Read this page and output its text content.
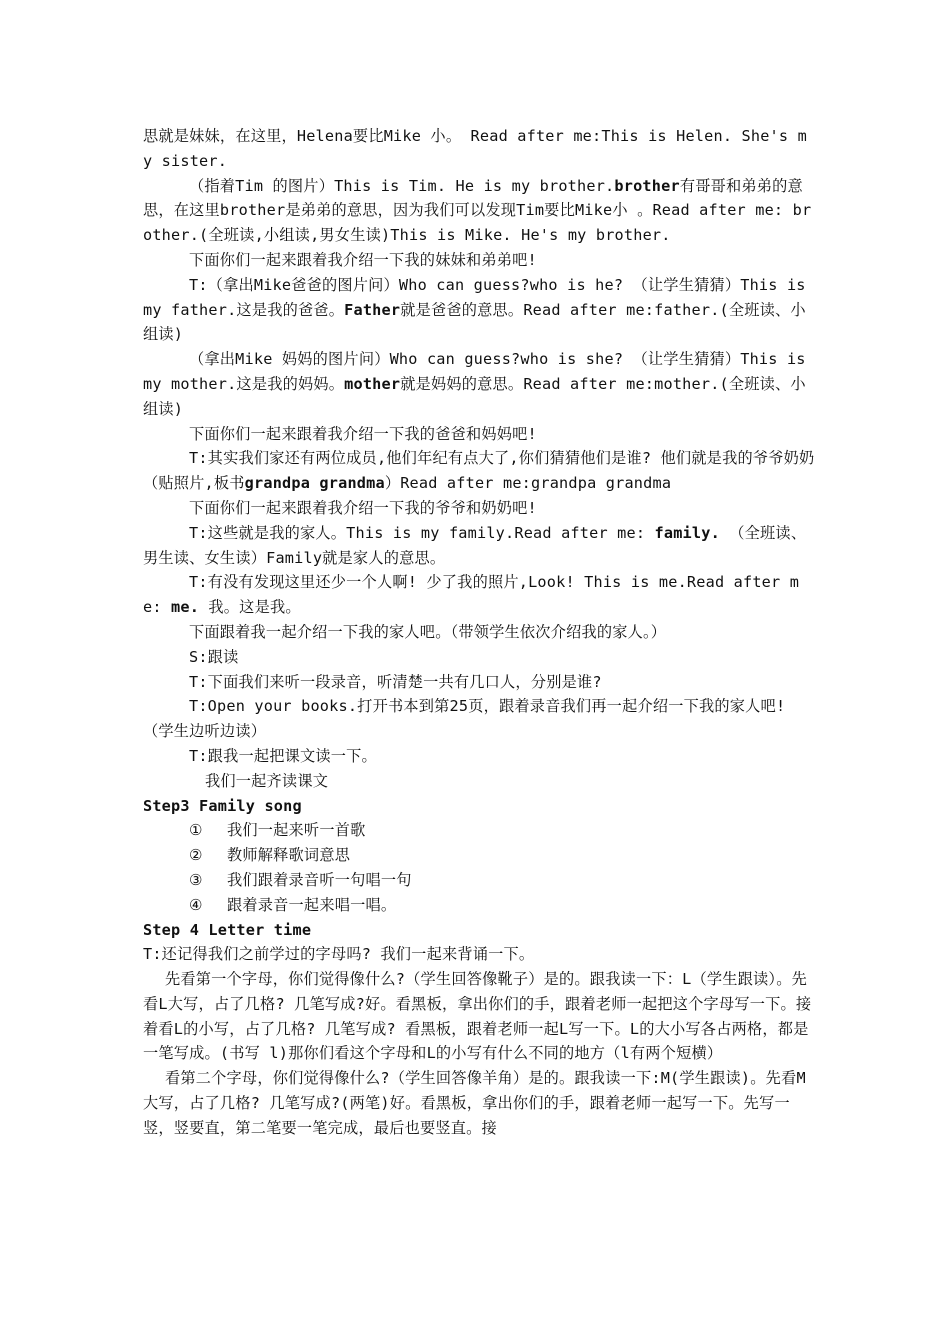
思就是妹妹，在这里，Helena要比Mike 小。 Read after me:This is Helen. She's my sister.

（指着Tim 的图片）This is Tim. He is my brother.brother有哥哥和弟弟的意思，在这里brother是弟弟的意思，因为我们可以发现Tim要比Mike小 。Read after me: brother.(全班读,小组读,男女生读)This is Mike. He's my brother.

下面你们一起来跟着我介绍一下我的妹妹和弟弟吧!

T:（拿出Mike爸爸的图片问）Who can guess?who is he? （让学生猜猜）This is my father.这是我的爸爸。Father就是爸爸的意思。Read after me:father.(全班读、小组读)

（拿出Mike 妈妈的图片问）Who can guess?who is she? （让学生猜猜）This is my mother.这是我的妈妈。mother就是妈妈的意思。Read after me:mother.(全班读、小组读)

下面你们一起来跟着我介绍一下我的爸爸和妈妈吧!

T:其实我们家还有两位成员,他们年纪有点大了,你们猜猜他们是谁? 他们就是我的爷爷奶奶（贴照片,板书grandpa grandma）Read after me:grandpa grandma

下面你们一起来跟着我介绍一下我的爷爷和奶奶吧!

T:这些就是我的家人。This is my family.Read after me: family. （全班读、男生读、女生读）Family就是家人的意思。

T:有没有发现这里还少一个人啊! 少了我的照片,Look! This is me.Read after me: me. 我。这是我。

下面跟着我一起介绍一下我的家人吧。（带领学生依次介绍我的家人。）

S:跟读

T:下面我们来听一段录音，听清楚一共有几口人，分别是谁?

T:Open your books.打开书本到第25页，跟着录音我们再一起介绍一下我的家人吧!（学生边听边读）

T:跟我一起把课文读一下。

我们一起齐读课文

Step3 Family song

① 我们一起来听一首歌

② 教师解释歌词意思

③ 我们跟着录音听一句唱一句

④ 跟着录音一起来唱一唱。

Step 4 Letter time

T:还记得我们之前学过的字母吗? 我们一起来背诵一下。

先看第一个字母，你们觉得像什么?（学生回答像靴子）是的。跟我读一下：L（学生跟读）。先看L大写，占了几格? 几笔写成?好。看黑板，拿出你们的手，跟着老师一起把这个字母写一下。接着看L的小写，占了几格? 几笔写成? 看黑板，跟着老师一起L写一下。L的大小写各占两格，都是一笔写成。(书写 l)那你们看这个字母和L的小写有什么不同的地方（l有两个短横）

看第二个字母，你们觉得像什么?（学生回答像羊角）是的。跟我读一下:M(学生跟读)。先看M大写，占了几格? 几笔写成?(两笔)好。看黑板，拿出你们的手，跟着老师一起写一下。先写一竖，竖要直，第二笔要一笔完成，最后也要竖直。接
